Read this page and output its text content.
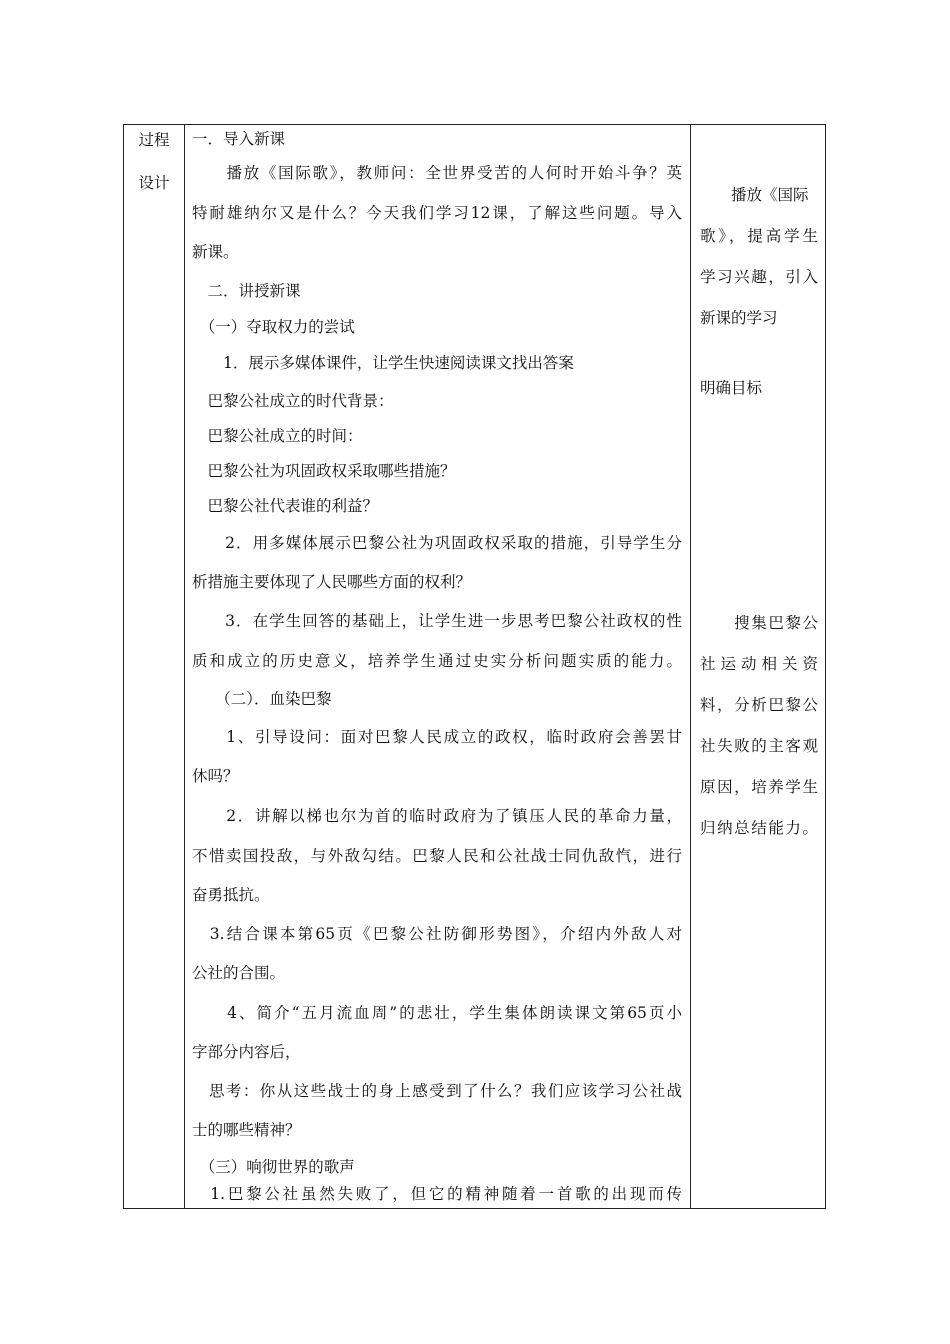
过程
设计
一．导入新课
　　播放《国际歌》，教师问：全世界受苦的人何时开始斗争？英
特耐雄纳尔又是什么？今天我们学习12课，了解这些问题。导入
新课。
　二．讲授新课
　（一）夺取权力的尝试
　　1．展示多媒体课件，让学生快速阅读课文找出答案
　巴黎公社成立的时代背景：
　巴黎公社成立的时间：
　巴黎公社为巩固政权采取哪些措施？
　巴黎公社代表谁的利益？
　　2．用多媒体展示巴黎公社为巩固政权采取的措施，引导学生分
析措施主要体现了人民哪些方面的权利？
　　3．在学生回答的基础上，让学生进一步思考巴黎公社政权的性
质和成立的历史意义，培养学生通过史实分析问题实质的能力。
　　（二）．血染巴黎
　　1、引导设问：面对巴黎人民成立的政权，临时政府会善罢甘
休吗？
　　2．讲解以梯也尔为首的临时政府为了镇压人民的革命力量，
不惜卖国投敌，与外敌勾结。巴黎人民和公社战士同仇敌忾，进行
奋勇抵抗。
　3.结合课本第65页《巴黎公社防御形势图》，介绍内外敌人对
公社的合围。
　　4、简介“五月流血周”的悲壮，学生集体朗读课文第65页小
字部分内容后，
　思考：你从这些战士的身上感受到了什么？我们应该学习公社战
士的哪些精神？
　（三）响彻世界的歌声
　1.巴黎公社虽然失败了，但它的精神随着一首歌的出现而传
　　播放《国际
歌》，提高学生
学习兴趣，引入
新课的学习
明确目标
　　搜集巴黎公
社运动相关资
料，分析巴黎公
社失败的主客观
原因，培养学生
归纳总结能力。
